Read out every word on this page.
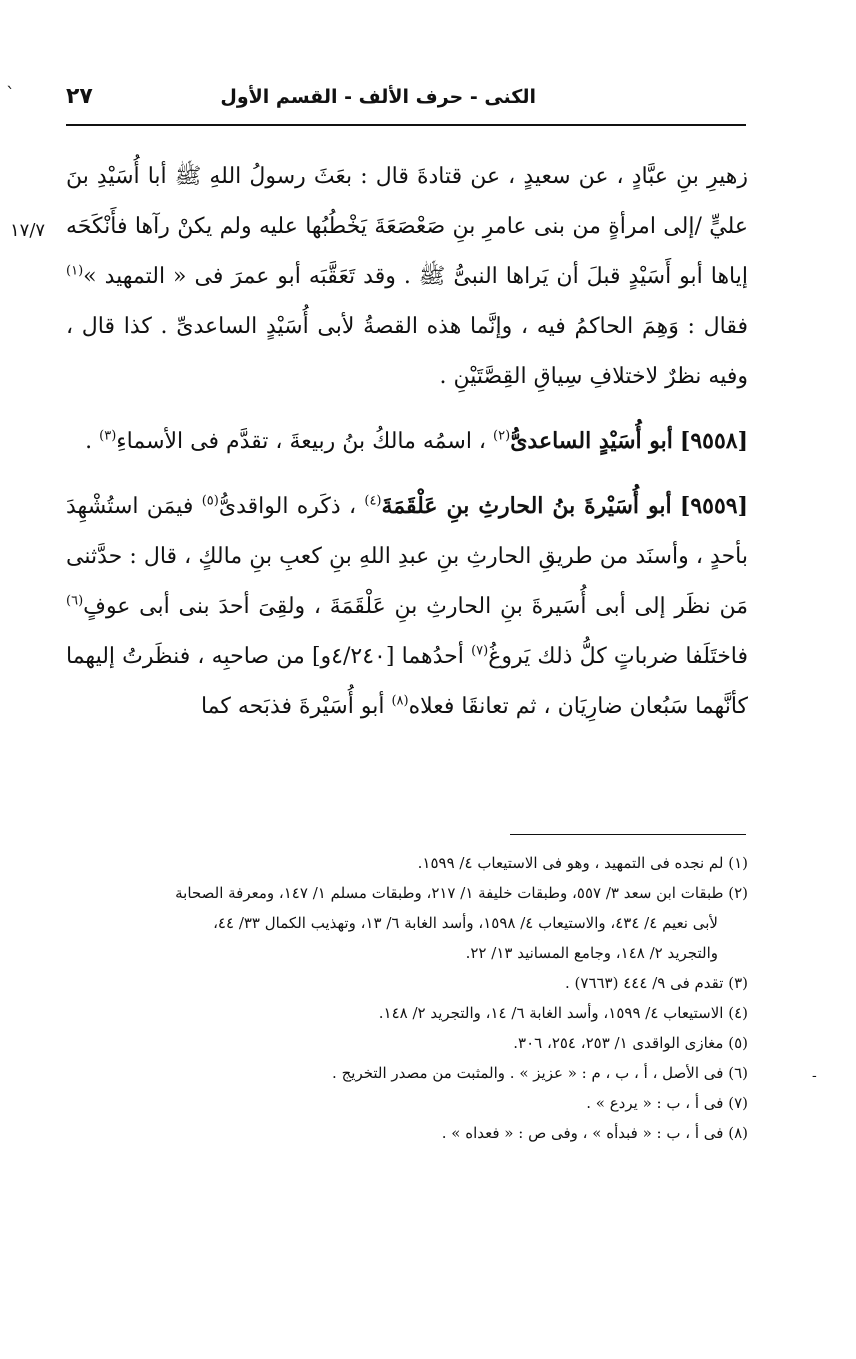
`	الكنى - حرف الألف - القسم الأول
٢٧
١٧/٧

زهيرِ بنِ عبَّادٍ ، عن سعيدٍ ، عن قتادةَ قال : بعَثَ رسولُ اللهِ ﷺ أبا أُسَيْدِ بنَ عليٍّ /إلى امرأةٍ من بنى عامرِ بنِ صَعْصَعَةَ يَخْطُبُها عليه ولم يكنْ رآها فأَنْكَحَه إياها أبو أَسَيْدٍ قبلَ أن يَراها النبىُّ ﷺ . وقد تَعَقَّبَه أبو عمرَ فى « التمهيد »$^{(١)}$ فقال : وَهِمَ الحاكمُ فيه ، وإنَّما هذه القصةُ لأبى أُسَيْدٍ الساعدىِّ . كذا قال ، وفيه نظرٌ لاختلافِ سِياقِ القِصَّتَيْنِ .

[٩٥٥٨] أبو أُسَيْدٍ الساعدىُّ$^{(٢)}$ ، اسمُه مالكُ بنُ ربيعةَ ، تقدَّم فى الأسماءِ$^{(٣)}$ .

[٩٥٥٩] أبو أُسَيْرةَ بنُ الحارثِ بنِ عَلْقَمَةَ$^{(٤)}$ ، ذكَره الواقدىُّ$^{(٥)}$ فيمَن استُشْهِدَ بأحدٍ ، وأسنَد من طريقِ الحارثِ بنِ عبدِ اللهِ بنِ كعبِ بنِ مالكٍ ، قال : حدَّثنى مَن نظَر إلى أبى أُسَيرةَ بنِ الحارثِ بنِ عَلْقَمَةَ ، ولقِىَ أحدَ بنى أبى عوفٍ$^{(٦)}$ فاختَلَفا ضرباتٍ كلُّ ذلك يَروغُ$^{(٧)}$ أحدُهما [٤/٢٤٠و] من صاحبِه ، فنظَرتُ إليهما كأنَّهما سَبُعان ضارِيَان ، ثم تعانقَا فعلاه$^{(٨)}$ أبو أُسَيْرةَ فذبَحه كما

(١) لم نجده فى التمهيد ، وهو فى الاستيعاب ٤/ ١٥٩٩.

(٢) طبقات ابن سعد ٣/ ٥٥٧، وطبقات خليفة ١/ ٢١٧، وطبقات مسلم ١/ ١٤٧، ومعرفة الصحابة

لأبى نعيم ٤/ ٤٣٤، والاستيعاب ٤/ ١٥٩٨، وأسد الغابة ٦/ ١٣، وتهذيب الكمال ٣٣/ ٤٤،

والتجريد ٢/ ١٤٨، وجامع المسانيد ١٣/ ٢٢.

(٣) تقدم فى ٩/ ٤٤٤ (٧٦٦٣) .

(٤) الاستيعاب ٤/ ١٥٩٩، وأسد الغابة ٦/ ١٤، والتجريد ٢/ ١٤٨.

(٥) مغازى الواقدى ١/ ٢٥٣، ٢٥٤، ٣٠٦.

(٦) فى الأصل ، أ ، ب ، م : « عزيز » . والمثبت من مصدر التخريج .

(٧) فى أ ، ب : « يردع » .

(٨) فى أ ، ب : « فبدأه » ، وفى ص : « فعداه » .

-
